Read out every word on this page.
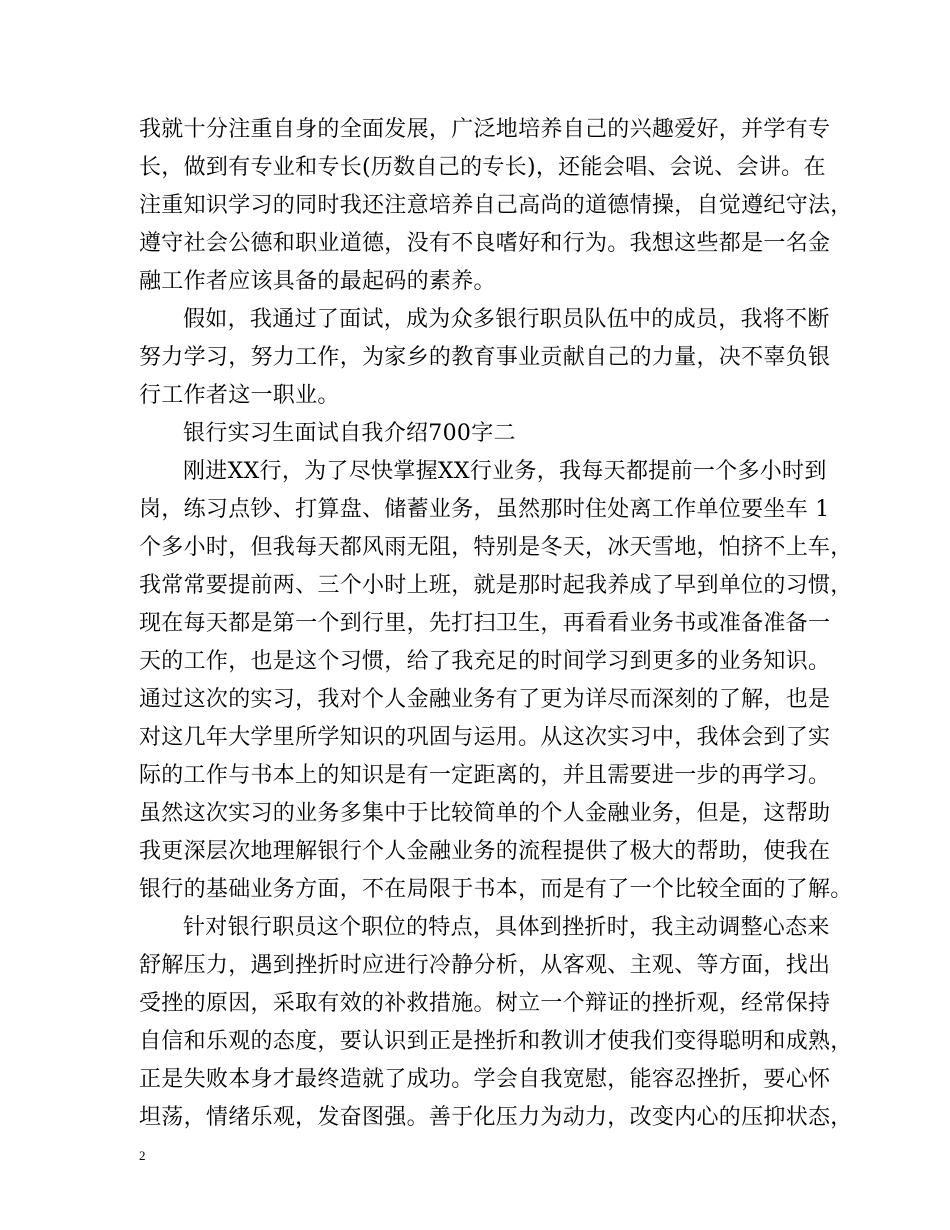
我就十分注重自身的全面发展，广泛地培养自己的兴趣爱好，并学有专
长，做到有专业和专长(历数自己的专长)，还能会唱、会说、会讲。在
注重知识学习的同时我还注意培养自己高尚的道德情操，自觉遵纪守法，
遵守社会公德和职业道德，没有不良嗜好和行为。我想这些都是一名金
融工作者应该具备的最起码的素养。
假如，我通过了面试，成为众多银行职员队伍中的成员，我将不断
努力学习，努力工作，为家乡的教育事业贡献自己的力量，决不辜负银
行工作者这一职业。
银行实习生面试自我介绍700字二
刚进XX行，为了尽快掌握XX行业务，我每天都提前一个多小时到
岗，练习点钞、打算盘、储蓄业务，虽然那时住处离工作单位要坐车 1
个多小时，但我每天都风雨无阻，特别是冬天，冰天雪地，怕挤不上车，
我常常要提前两、三个小时上班，就是那时起我养成了早到单位的习惯，
现在每天都是第一个到行里，先打扫卫生，再看看业务书或准备准备一
天的工作，也是这个习惯，给了我充足的时间学习到更多的业务知识。
通过这次的实习，我对个人金融业务有了更为详尽而深刻的了解，也是
对这几年大学里所学知识的巩固与运用。从这次实习中，我体会到了实
际的工作与书本上的知识是有一定距离的，并且需要进一步的再学习。
虽然这次实习的业务多集中于比较简单的个人金融业务，但是，这帮助
我更深层次地理解银行个人金融业务的流程提供了极大的帮助，使我在
银行的基础业务方面，不在局限于书本，而是有了一个比较全面的了解。
针对银行职员这个职位的特点，具体到挫折时，我主动调整心态来
舒解压力，遇到挫折时应进行冷静分析，从客观、主观、等方面，找出
受挫的原因，采取有效的补救措施。树立一个辩证的挫折观，经常保持
自信和乐观的态度，要认识到正是挫折和教训才使我们变得聪明和成熟，
正是失败本身才最终造就了成功。学会自我宽慰，能容忍挫折，要心怀
坦荡，情绪乐观，发奋图强。善于化压力为动力，改变内心的压抑状态，
2
